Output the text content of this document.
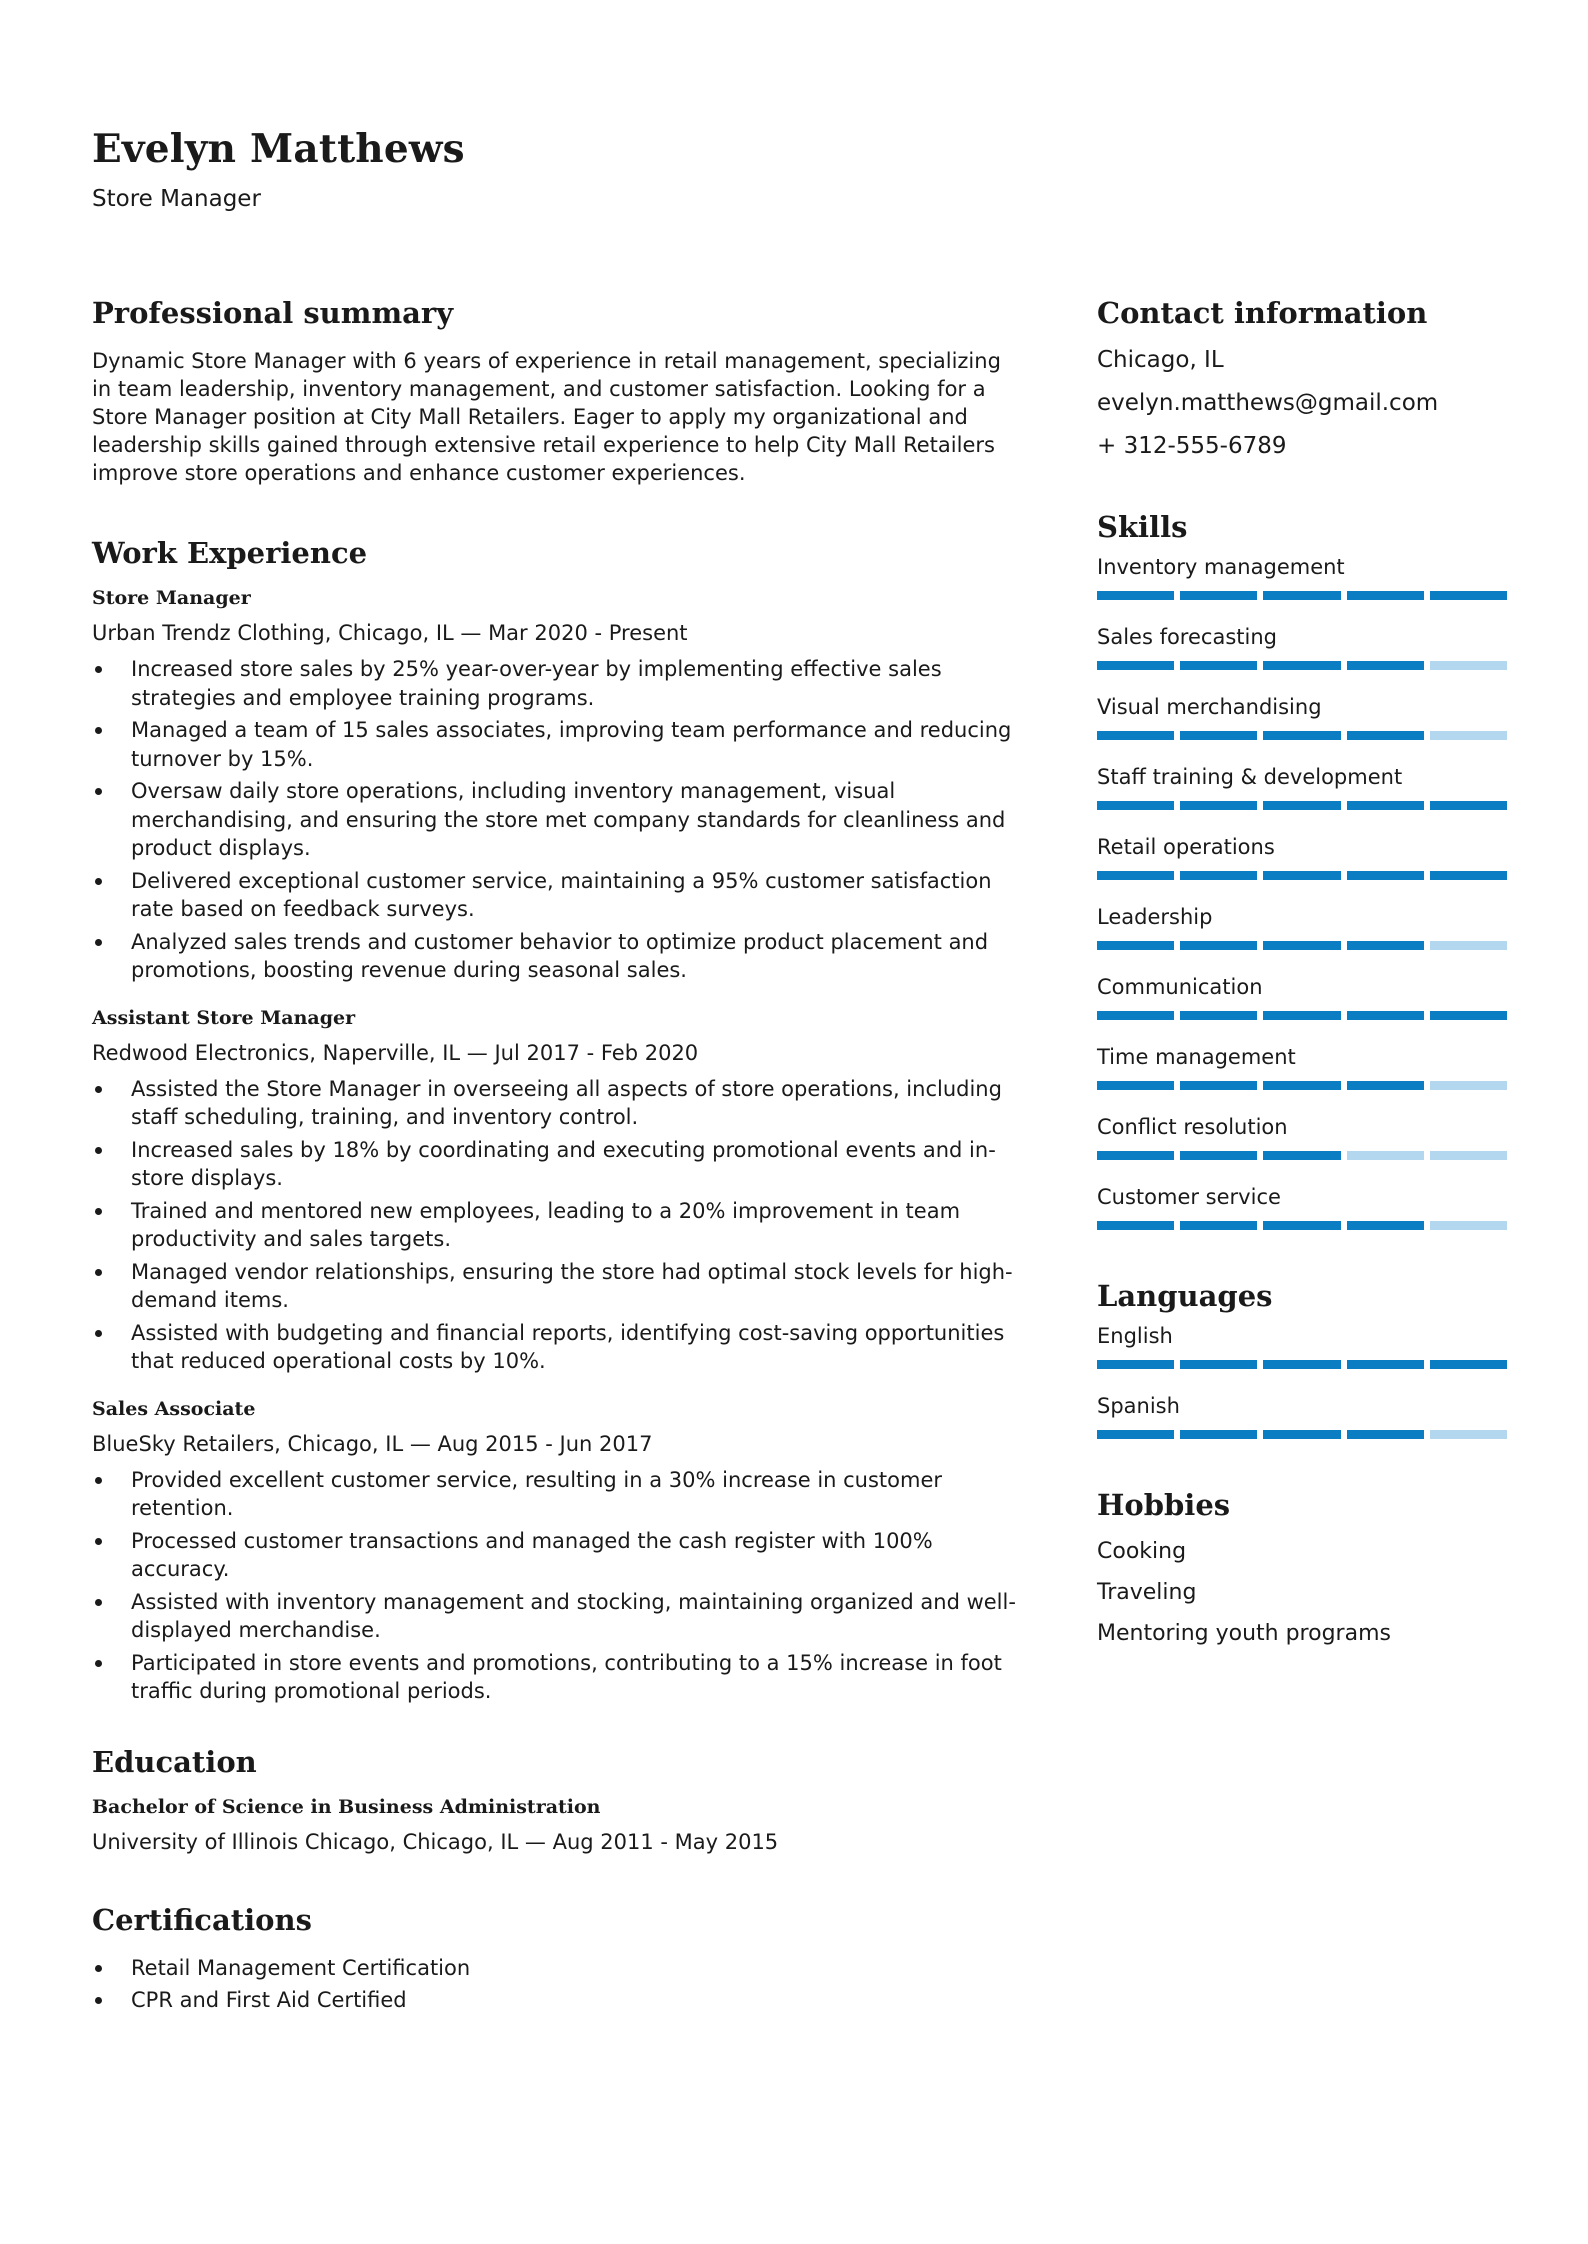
Evelyn Matthews
Store Manager
Professional summary
Dynamic Store Manager with 6 years of experience in retail management, specializing in team leadership, inventory management, and customer satisfaction. Looking for a Store Manager position at City Mall Retailers. Eager to apply my organizational and leadership skills gained through extensive retail experience to help City Mall Retailers improve store operations and enhance customer experiences.
Work Experience
Store Manager
Urban Trendz Clothing, Chicago, IL — Mar 2020 - Present
Increased store sales by 25% year-over-year by implementing effective sales strategies and employee training programs.
Managed a team of 15 sales associates, improving team performance and reducing turnover by 15%.
Oversaw daily store operations, including inventory management, visual merchandising, and ensuring the store met company standards for cleanliness and product displays.
Delivered exceptional customer service, maintaining a 95% customer satisfaction rate based on feedback surveys.
Analyzed sales trends and customer behavior to optimize product placement and promotions, boosting revenue during seasonal sales.
Assistant Store Manager
Redwood Electronics, Naperville, IL — Jul 2017 - Feb 2020
Assisted the Store Manager in overseeing all aspects of store operations, including staff scheduling, training, and inventory control.
Increased sales by 18% by coordinating and executing promotional events and in-store displays.
Trained and mentored new employees, leading to a 20% improvement in team productivity and sales targets.
Managed vendor relationships, ensuring the store had optimal stock levels for high-demand items.
Assisted with budgeting and financial reports, identifying cost-saving opportunities that reduced operational costs by 10%.
Sales Associate
BlueSky Retailers, Chicago, IL — Aug 2015 - Jun 2017
Provided excellent customer service, resulting in a 30% increase in customer retention.
Processed customer transactions and managed the cash register with 100% accuracy.
Assisted with inventory management and stocking, maintaining organized and well-displayed merchandise.
Participated in store events and promotions, contributing to a 15% increase in foot traffic during promotional periods.
Education
Bachelor of Science in Business Administration
University of Illinois Chicago, Chicago, IL — Aug 2011 - May 2015
Certifications
Retail Management Certification
CPR and First Aid Certified
Contact information
Chicago, IL
evelyn.matthews@gmail.com
+ 312-555-6789
Skills
Inventory management
Sales forecasting
Visual merchandising
Staff training & development
Retail operations
Leadership
Communication
Time management
Conflict resolution
Customer service
Languages
English
Spanish
Hobbies
Cooking
Traveling
Mentoring youth programs
